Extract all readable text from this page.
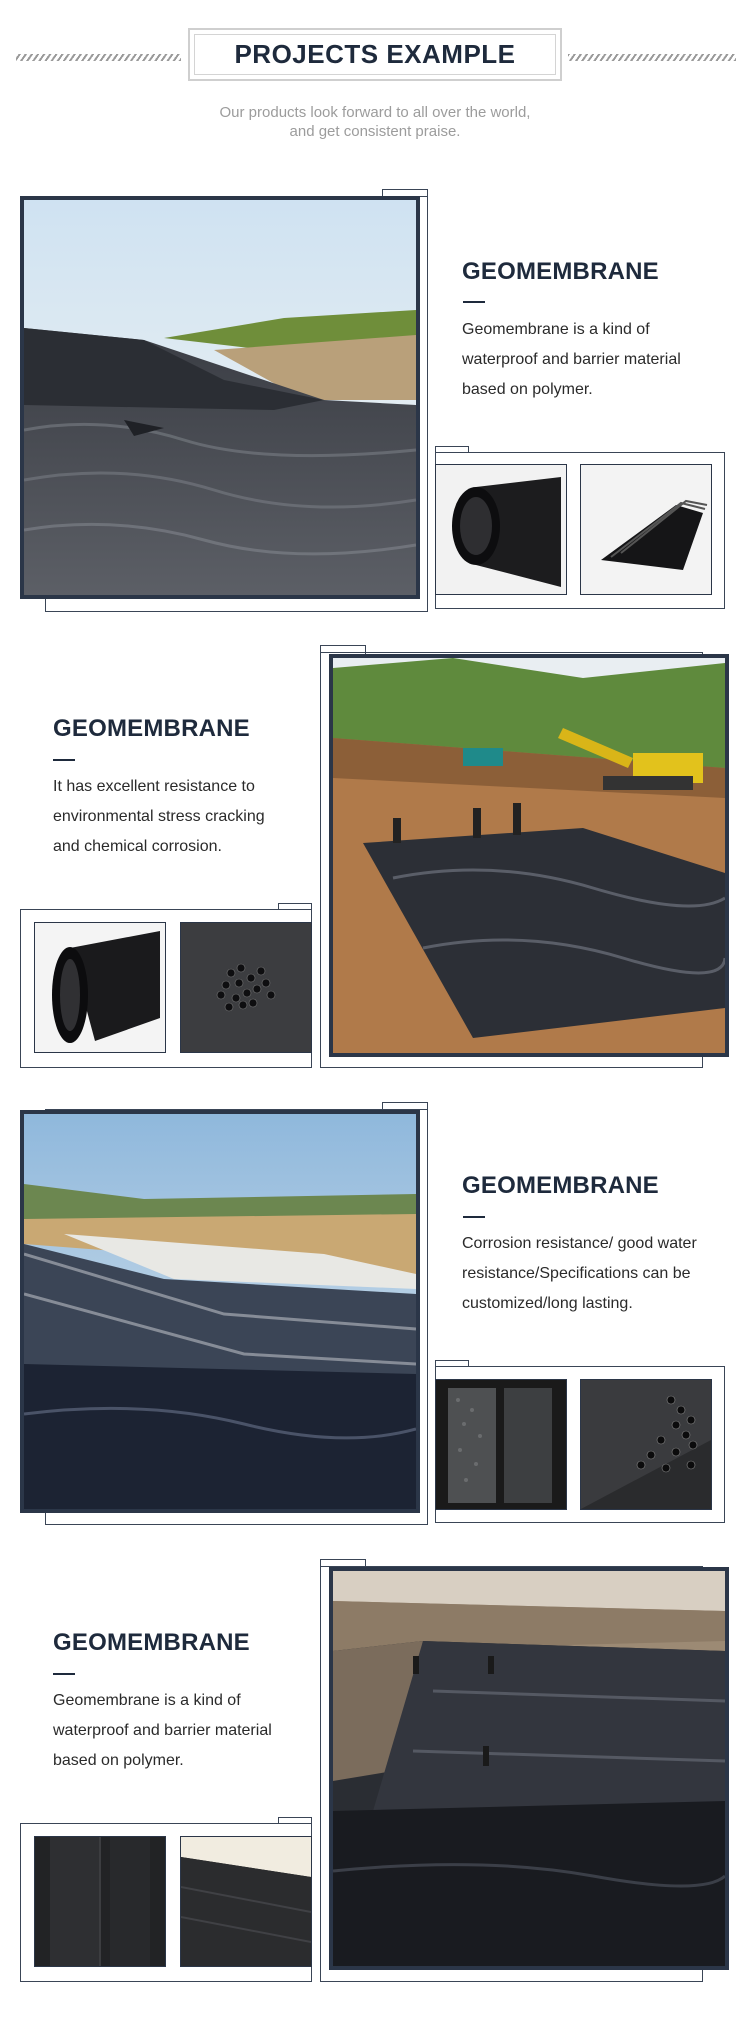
PROJECTS EXAMPLE
Our products look forward to all over the world,
and get consistent praise.
GEOMEMBRANE
Geomembrane is a kind of
waterproof and barrier material
based on polymer.
GEOMEMBRANE
It has excellent resistance to
environmental stress cracking
and chemical corrosion.
GEOMEMBRANE
Corrosion resistance/ good water
resistance/Specifications can be
customized/long lasting.
GEOMEMBRANE
Geomembrane is a kind of
waterproof and barrier material
based on polymer.
